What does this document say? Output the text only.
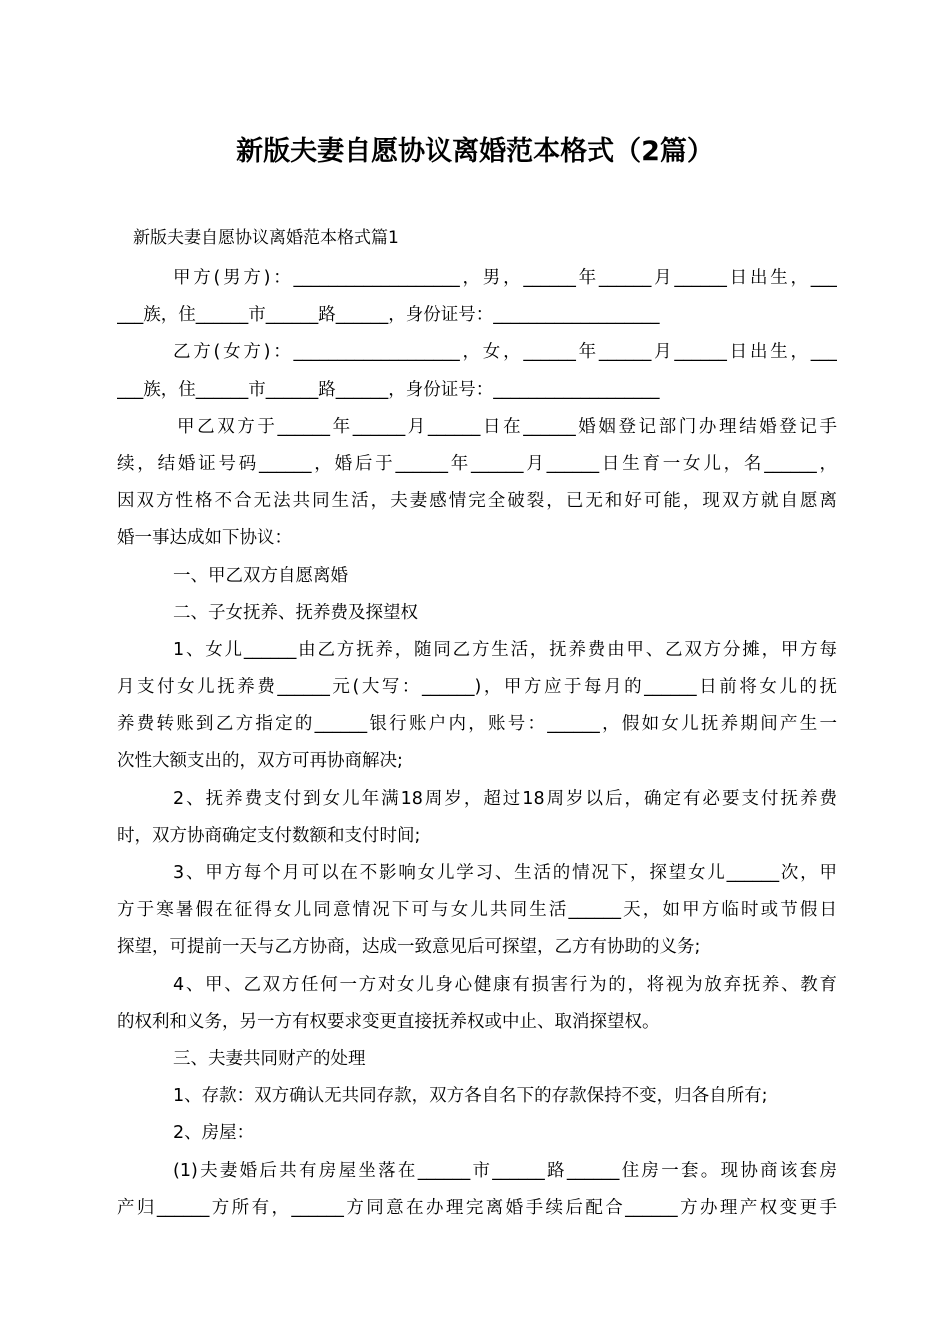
新版夫妻自愿协议离婚范本格式（2篇）
新版夫妻自愿协议离婚范本格式篇1
甲方(男方)：___________________，男，______年______月______日出生，___
___族，住______市______路______，身份证号：___________________
乙方(女方)：___________________，女，______年______月______日出生，___
___族，住______市______路______，身份证号：___________________
甲乙双方于______年______月______日在______婚姻登记部门办理结婚登记手
续，结婚证号码______，婚后于______年______月______日生育一女儿，名______，
因双方性格不合无法共同生活，夫妻感情完全破裂，已无和好可能，现双方就自愿离
婚一事达成如下协议：
一、甲乙双方自愿离婚
二、子女抚养、抚养费及探望权
1、女儿______由乙方抚养，随同乙方生活，抚养费由甲、乙双方分摊，甲方每
月支付女儿抚养费______元(大写：______)，甲方应于每月的______日前将女儿的抚
养费转账到乙方指定的______银行账户内，账号：______，假如女儿抚养期间产生一
次性大额支出的，双方可再协商解决;
2、抚养费支付到女儿年满18周岁，超过18周岁以后，确定有必要支付抚养费
时，双方协商确定支付数额和支付时间;
3、甲方每个月可以在不影响女儿学习、生活的情况下，探望女儿______次，甲
方于寒暑假在征得女儿同意情况下可与女儿共同生活______天，如甲方临时或节假日
探望，可提前一天与乙方协商，达成一致意见后可探望，乙方有协助的义务;
4、甲、乙双方任何一方对女儿身心健康有损害行为的，将视为放弃抚养、教育
的权利和义务，另一方有权要求变更直接抚养权或中止、取消探望权。
三、夫妻共同财产的处理
1、存款：双方确认无共同存款，双方各自名下的存款保持不变，归各自所有;
2、房屋：
(1)夫妻婚后共有房屋坐落在______市______路______住房一套。现协商该套房
产归______方所有，______方同意在办理完离婚手续后配合______方办理产权变更手
